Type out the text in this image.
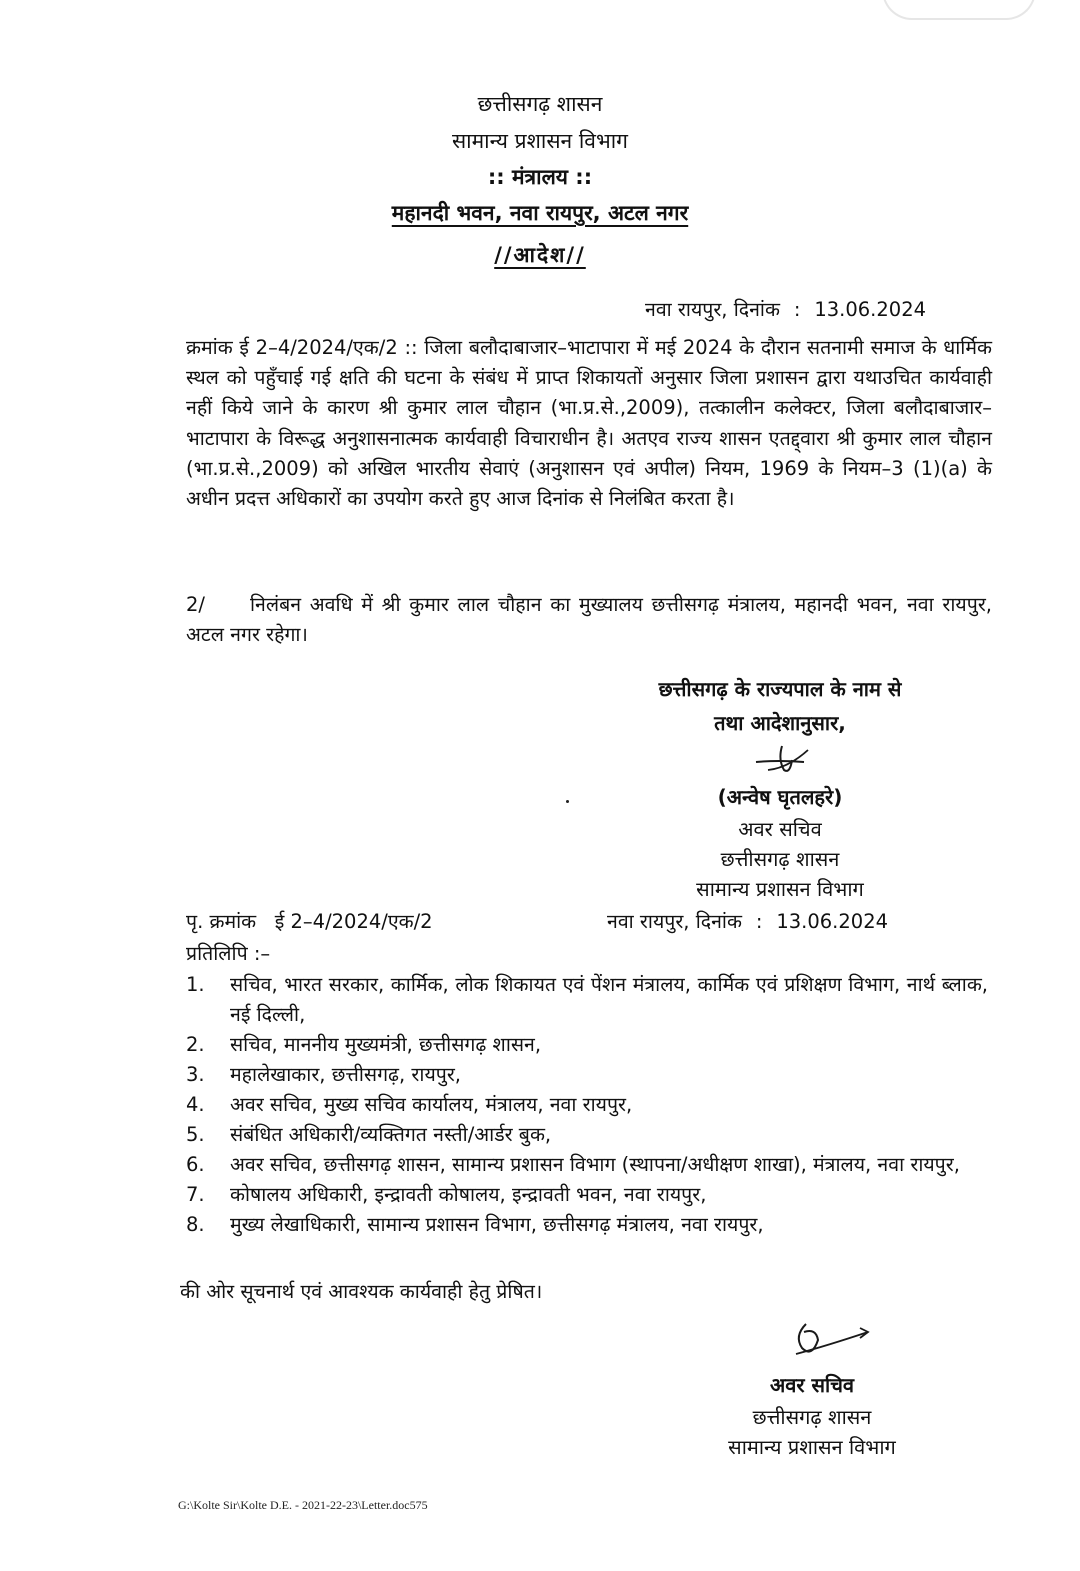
छत्तीसगढ़ शासन

सामान्य प्रशासन विभाग

:: मंत्रालय ::

महानदी भवन, नवा रायपुर, अटल नगर

//आदेश//

नवा रायपुर, दिनांक : 13.06.2024

क्रमांक ई 2–4/2024/एक/2 :: जिला बलौदाबाजार–भाटापारा में मई 2024 के दौरान सतनामी समाज के धार्मिक स्थल को पहुँचाई गई क्षति की घटना के संबंध में प्राप्त शिकायतों अनुसार जिला प्रशासन द्वारा यथाउचित कार्यवाही नहीं किये जाने के कारण श्री कुमार लाल चौहान (भा.प्र.से.,2009), तत्कालीन कलेक्टर, जिला बलौदाबाजार–भाटापारा के विरूद्ध अनुशासनात्मक कार्यवाही विचाराधीन है। अतएव राज्य शासन एतद्द्वारा श्री कुमार लाल चौहान (भा.प्र.से.,2009) को अखिल भारतीय सेवाएं (अनुशासन एवं अपील) नियम, 1969 के नियम–3 (1)(a) के अधीन प्रदत्त अधिकारों का उपयोग करते हुए आज दिनांक से निलंबित करता है।

2/ निलंबन अवधि में श्री कुमार लाल चौहान का मुख्यालय छत्तीसगढ़ मंत्रालय, महानदी भवन, नवा रायपुर, अटल नगर रहेगा।

छत्तीसगढ़ के राज्यपाल के नाम से

तथा आदेशानुसार,

(अन्वेष घृतलहरे)

अवर सचिव

छत्तीसगढ़ शासन

सामान्य प्रशासन विभाग

पृ. क्रमांक ई 2–4/2024/एक/2	नवा रायपुर, दिनांक : 13.06.2024

प्रतिलिपि :–

1. सचिव, भारत सरकार, कार्मिक, लोक शिकायत एवं पेंशन मंत्रालय, कार्मिक एवं प्रशिक्षण विभाग, नार्थ ब्लाक, नई दिल्ली,
2. सचिव, माननीय मुख्यमंत्री, छत्तीसगढ़ शासन,
3. महालेखाकार, छत्तीसगढ़, रायपुर,
4. अवर सचिव, मुख्य सचिव कार्यालय, मंत्रालय, नवा रायपुर,
5. संबंधित अधिकारी/व्यक्तिगत नस्ती/आर्डर बुक,
6. अवर सचिव, छत्तीसगढ़ शासन, सामान्य प्रशासन विभाग (स्थापना/अधीक्षण शाखा), मंत्रालय, नवा रायपुर,
7. कोषालय अधिकारी, इन्द्रावती कोषालय, इन्द्रावती भवन, नवा रायपुर,
8. मुख्य लेखाधिकारी, सामान्य प्रशासन विभाग, छत्तीसगढ़ मंत्रालय, नवा रायपुर,

की ओर सूचनार्थ एवं आवश्यक कार्यवाही हेतु प्रेषित।

अवर सचिव

छत्तीसगढ़ शासन

सामान्य प्रशासन विभाग

G:\Kolte Sir\Kolte D.E. - 2021-22-23\Letter.doc575
